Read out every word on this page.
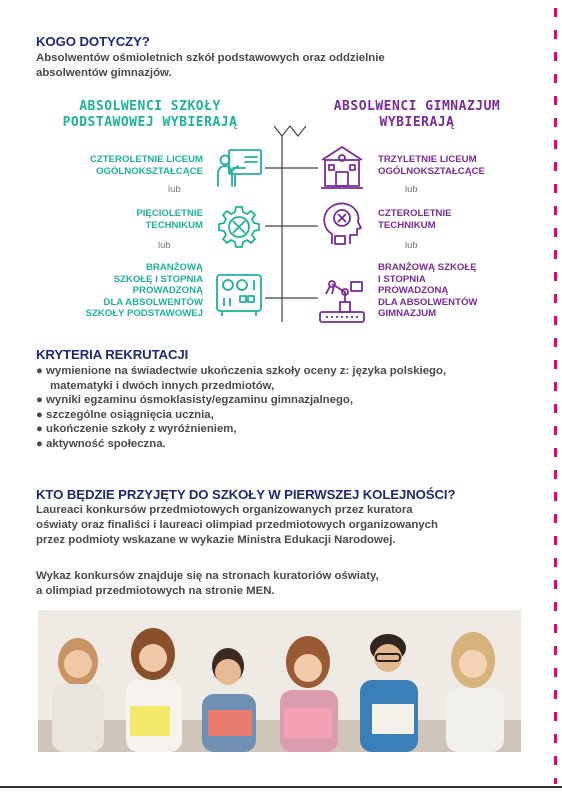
KOGO DOTYCZY?
Absolwentów ośmioletnich szkół podstawowych oraz oddzielnie
absolwentów gimnazjów.
ABSOLWENCI SZKOŁY
PODSTAWOWEJ WYBIERAJĄ
ABSOLWENCI GIMNAZJUM
WYBIERAJĄ
CZTEROLETNIE LICEUM
OGÓLNOKSZTAŁCĄCE
lub
PIĘCIOLETNIE
TECHNIKUM
lub
BRANŻOWĄ
SZKOŁĘ I STOPNIA
PROWADZONĄ
DLA ABSOLWENTÓW
SZKOŁY PODSTAWOWEJ
TRZYLETNIE LICEUM
OGÓLNOKSZTAŁCĄCE
lub
CZTEROLETNIE
TECHNIKUM
lub
BRANŻOWĄ SZKOŁĘ
I STOPNIA
PROWADZONĄ
DLA ABSOLWENTÓW
GIMNAZJUM
KRYTERIA REKRUTACJI
● wymienione na świadectwie ukończenia szkoły oceny z: języka polskiego,
matematyki i dwóch innych przedmiotów,
● wyniki egzaminu ósmoklasisty/egzaminu gimnazjalnego,
● szczególne osiągnięcia ucznia,
● ukończenie szkoły z wyróżnieniem,
● aktywność społeczna.
KTO BĘDZIE PRZYJĘTY DO SZKOŁY W PIERWSZEJ KOLEJNOŚCI?
Laureaci konkursów przedmiotowych organizowanych przez kuratora
oświaty oraz finaliści i laureaci olimpiad przedmiotowych organizowanych
przez podmioty wskazane w wykazie Ministra Edukacji Narodowej.
Wykaz konkursów znajduje się na stronach kuratoriów oświaty,
a olimpiad przedmiotowych na stronie MEN.
